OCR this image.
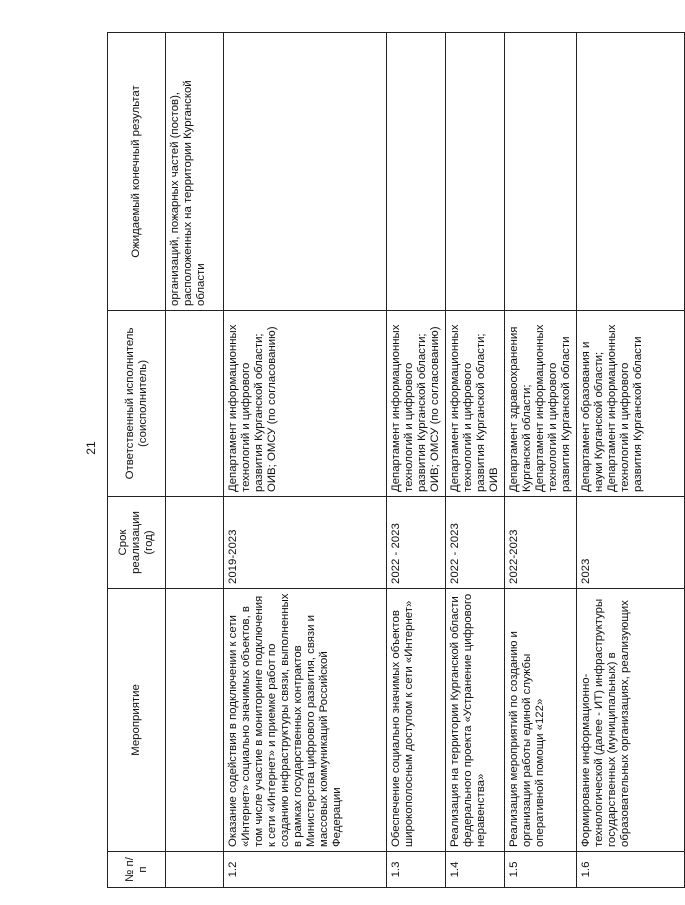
21
№ п/п	Мероприятие	Срок реализации (год)	Ответственный исполнитель (соисполнитель)	Ожидаемый конечный результат
				организаций, пожарных частей (постов), расположенных на территории Курганской области
1.2	Оказание содействия в подключении к сети «Интернет» социально значимых объектов, в том числе участие в мониторинге подключения к сети «Интернет» и приемке работ по созданию инфраструктуры связи, выполненных в рамках государственных контрактов Министерства цифрового развития, связи и массовых коммуникаций Российской Федерации	2019-2023	Департамент информационных технологий и цифрового развития Курганской области; ОИВ; ОМСУ (по согласованию)	
1.3	Обеспечение социально значимых объектов широкополосным доступом к сети «Интернет»	2022 - 2023	Департамент информационных технологий и цифрового развития Курганской области; ОИВ; ОМСУ (по согласованию)	
1.4	Реализация на территории Курганской области федерального проекта «Устранение цифрового неравенства»	2022 - 2023	Департамент информационных технологий и цифрового развития Курганской области; ОИВ	
1.5	Реализация мероприятий по созданию и организации работы единой службы оперативной помощи «122»	2022-2023	Департамент здравоохранения Курганской области; Департамент информационных технологий и цифрового развития Курганской области	
1.6	Формирование информационно-технологической (далее - ИТ) инфраструктуры государственных (муниципальных) в образовательных организациях, реализующих	2023	Департамент образования и науки Курганской области; Департамент информационных технологий и цифрового развития Курганской области	
